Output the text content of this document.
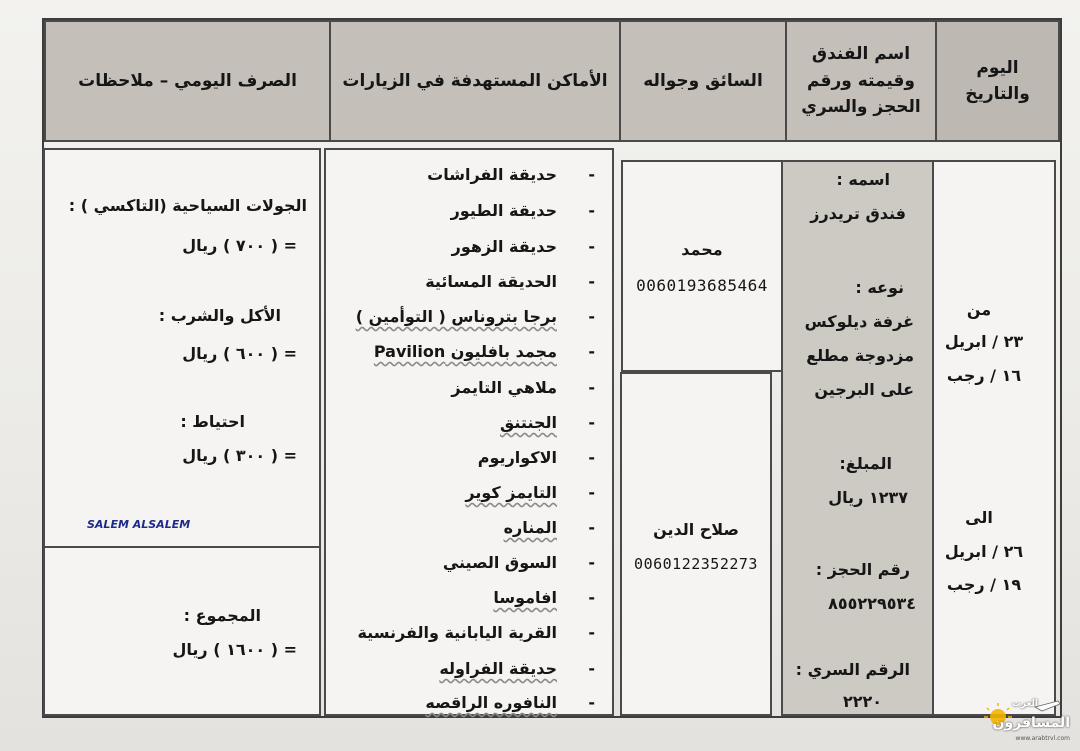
اليوم والتاريخ
اسم الفندق وقيمته ورقم الحجز والسري
السائق وجواله
الأماكن المستهدفة في الزيارات
الصرف اليومي – ملاحظات
من
٢٣ / ابريل
١٦ / رجب
الى
٢٦ / ابريل
١٩ / رجب
اسمه :
فندق تريدرز
نوعه :
غرفة ديلوكس
مزدوجة مطلع
على البرجين
المبلغ:
١٢٣٧ ريال
رقم الحجز :
٨٥٥٢٢٩٥٣٤
الرقم السري :
٢٢٢٠
محمد
0060193685464
صلاح الدين
0060122352273
-
حديقة الفراشات
-
حديقة الطيور
-
حديقة الزهور
-
الحديقة المسائية
-
برجا بتروناس ( التوأمين )
-
مجمد بافليون Pavilion
-
ملاهي التايمز
-
الجنتنق
-
الاكواريوم
-
التايمز كوير
-
المناره
-
السوق الصيني
-
افاموسا
-
القرية اليابانية والفرنسية
-
حديقة الفراوله
-
النافوره الراقصه
الجولات السياحية (التاكسي ) :
= ( ٧٠٠ ) ريال
الأكل والشرب :
= ( ٦٠٠ ) ريال
احتياط :
= ( ٣٠٠ ) ريال
SALEM ALSALEM
المجموع :
= ( ١٦٠٠ ) ريال
العرب
المسافرون
www.arabtrvl.com
